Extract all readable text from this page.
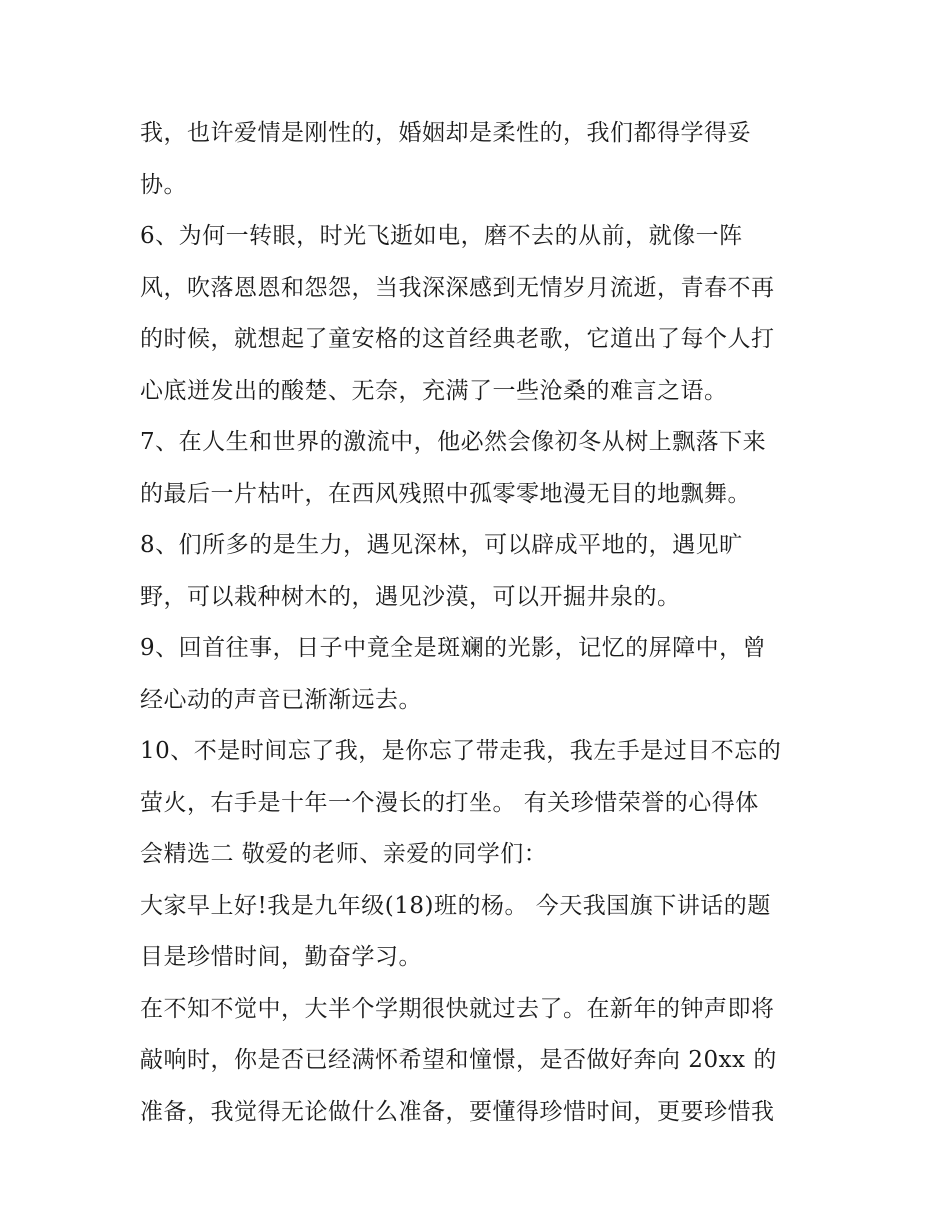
我，也许爱情是刚性的，婚姻却是柔性的，我们都得学得妥
协。
6、为何一转眼，时光飞逝如电，磨不去的从前，就像一阵
风，吹落恩恩和怨怨，当我深深感到无情岁月流逝，青春不再
的时候，就想起了童安格的这首经典老歌，它道出了每个人打
心底迸发出的酸楚、无奈，充满了一些沧桑的难言之语。
7、在人生和世界的激流中，他必然会像初冬从树上飘落下来
的最后一片枯叶，在西风残照中孤零零地漫无目的地飘舞。
8、们所多的是生力，遇见深林，可以辟成平地的，遇见旷
野，可以栽种树木的，遇见沙漠，可以开掘井泉的。
9、回首往事，日子中竟全是斑斓的光影，记忆的屏障中，曾
经心动的声音已渐渐远去。
10、不是时间忘了我，是你忘了带走我，我左手是过目不忘的
萤火，右手是十年一个漫长的打坐。 有关珍惜荣誉的心得体
会精选二 敬爱的老师、亲爱的同学们：
大家早上好!我是九年级(18)班的杨。 今天我国旗下讲话的题
目是珍惜时间，勤奋学习。
在不知不觉中，大半个学期很快就过去了。在新年的钟声即将
敲响时，你是否已经满怀希望和憧憬，是否做好奔向 20xx 的
准备，我觉得无论做什么准备，要懂得珍惜时间，更要珍惜我
